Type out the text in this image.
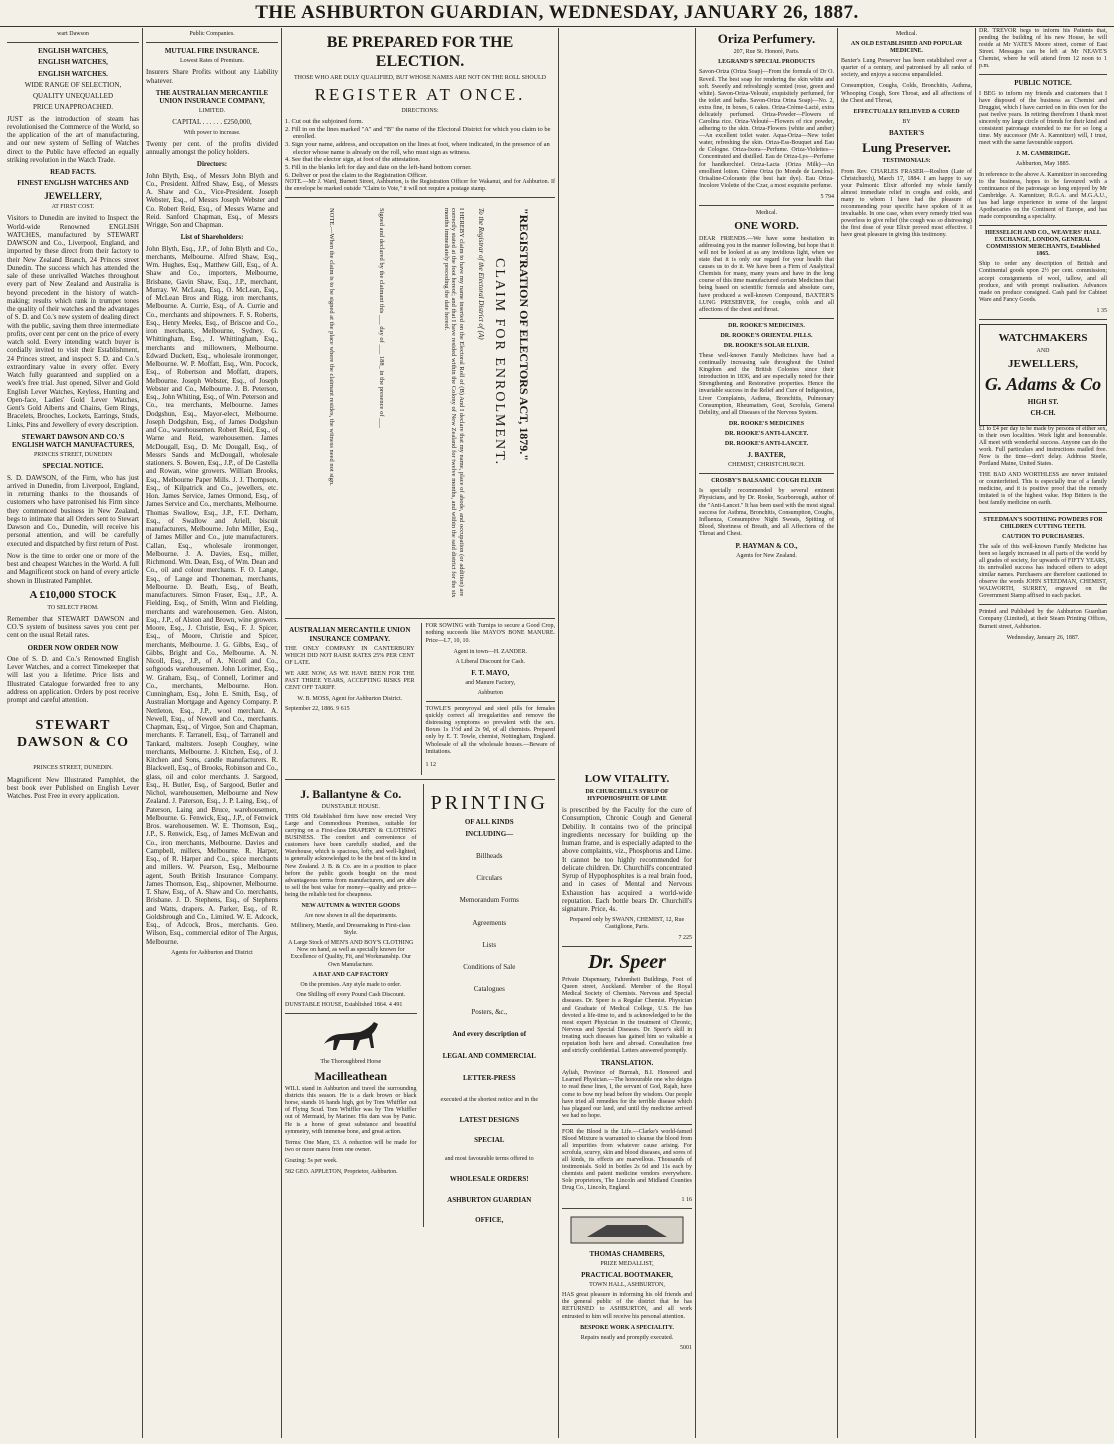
THE ASHBURTON GUARDIAN, WEDNESDAY, JANUARY 26, 1887.

wart Dawson

ENGLISH WATCHES,

ENGLISH WATCHES,

ENGLISH WATCHES.

WIDE RANGE OF SELECTION,

QUALITY UNEQUALLED

PRICE UNAPPROACHED.

JUST as the introduction of steam has revolutionised the Commerce of the World, so the application of the art of manufacturing, and our new system of Selling of Watches direct to the Public have effected an equally striking revolution in the Watch Trade.

READ FACTS.

FINEST ENGLISH WATCHES AND

JEWELLERY,

AT FIRST COST.

Visitors to Dunedin are invited to Inspect the World-wide Renowned ENGLISH WATCHES, manufactured by STEWART DAWSON and Co., Liverpool, England, and imported by these direct from their factory to their New Zealand Branch, 24 Princes street Dunedin. The success which has attended the sale of these unrivalled Watches throughout every part of New Zealand and Australia is beyond precedent in the history of watch-making; results which rank in trumpet tones the quality of their watches and the advantages of S. D. and Co.'s new system of dealing direct with the public, saving them three intermediate profits, over cent per cent on the price of every watch sold. Every intending watch buyer is cordially invited to visit their Establishment, 24 Princes street, and inspect S. D. and Co.'s extraordinary value in every offer. Every Watch fully guaranteed and supplied on a week's free trial. Just opened, Silver and Gold English Lever Watches, Keyless, Hunting and Open-face, Ladies' Gold Lever Watches, Gent's Gold Alberts and Chains, Gem Rings, Bracelets, Brooches, Lockets, Earrings, Studs, Links, Pins and Jewellery of every description.

STEWART DAWSON AND CO.'S ENGLISH WATCH MANUFACTURES,

PRINCES STREET, DUNEDIN

SPECIAL NOTICE.

S. D. DAWSON, of the Firm, who has just arrived in Dunedin, from Liverpool, England, in returning thanks to the thousands of customers who have patronised his Firm since they commenced business in New Zealand, begs to intimate that all Orders sent to Stewart Dawson and Co., Dunedin, will receive his personal attention, and will be carefully executed and dispatched by first return of Post.

Now is the time to order one or more of the best and cheapest Watches in the World. A full and Magnificent stock on hand of every article shown in Illustrated Pamphlet.

A £10,000 STOCK

TO SELECT FROM.

Remember that STEWART DAWSON and CO.'S system of business saves you cent per cent on the usual Retail rates.

ORDER NOW ORDER NOW

One of S. D. and Co.'s Renowned English Lever Watches, and a correct Timekeeper that will last you a lifetime. Price lists and Illustrated Catalogue forwarded free to any address on application. Orders by post receive prompt and careful attention.

STEWART DAWSON & CO

PRINCES STREET, DUNEDIN.

Magnificent New Illustrated Pamphlet, the best book ever Published on English Lever Watches. Post Free in every application.

Public Companies.

MUTUAL FIRE INSURANCE.

Lowest Rates of Premium.

Insurers Share Profits without any Liability whatever.

THE AUSTRALIAN MERCANTILE UNION INSURANCE COMPANY,

LIMITED.

CAPITAL . . . . . . £250,000,

With power to increase.

Twenty per cent. of the profits divided annually amongst the policy holders.

Directors:

John Blyth, Esq., of Messrs John Blyth and Co., President. Alfred Shaw, Esq., of Messrs A. Shaw and Co., Vice-President. Joseph Webster, Esq., of Messrs Joseph Webster and Co. Robert Reid, Esq., of Messrs Warne and Reid. Sanford Chapman, Esq., of Messrs Wrigge, Son and Chapman.

List of Shareholders:

John Blyth, Esq., J.P., of John Blyth and Co., merchants, Melbourne. Alfred Shaw, Esq., Wm. Hughes, Esq., Matthew Gill, Esq., of A. Shaw and Co., importers, Melbourne, Brisbane, Gavin Shaw, Esq., J.P., merchant, Murray. W. McLean, Esq., O. McLean, Esq., of McLean Bros and Rigg, iron merchants, Melbourne. A. Currie, Esq., of A. Currie and Co., merchants and shipowners. F. S. Roberts, Esq., Henry Meeks, Esq., of Briscoe and Co., iron merchants, Melbourne, Sydney. G. Whittingham, Esq., J. Whittingham, Esq., merchants and millowners, Melbourne. Edward Duckett, Esq., wholesale ironmonger, Melbourne. W. P. Moffatt, Esq., Wm. Pocock, Esq., of Robertson and Moffatt, drapers, Melbourne. Joseph Webster, Esq., of Joseph Webster and Co., Melbourne. J. B. Peterson, Esq., John Whiting, Esq., of Wm. Peterson and Co., tea merchants, Melbourne. James Dodgshun, Esq., Mayor-elect, Melbourne. Joseph Dodgshun, Esq., of James Dodgshun and Co., warehousemen. Robert Reid, Esq., of Warne and Reid, warehousemen. James McDougall, Esq., D. Mc Dougall, Esq., of Messrs Sands and McDougall, wholesale stationers. S. Bowen, Esq., J.P., of De Castella and Rowan, wine growers. William Brooks, Esq., Melbourne Paper Mills. J. J. Thompson, Esq., of Kilpatrick and Co., jewellers, etc. Hon. James Service, James Ormond, Esq., of James Service and Co., merchants, Melbourne. Thomas Swallow, Esq., J.P., F.T. Derham, Esq., of Swallow and Ariell, biscuit manufacturers, Melbourne. John Miller, Esq., of James Miller and Co., jute manufacturers. Callan, Esq., wholesale ironmonger, Melbourne. J. A. Davies, Esq., miller, Richmond. Wm. Dean, Esq., of Wm. Dean and Co., oil and colour merchants. F. O. Lange, Esq., of Lange and Thoneman, merchants, Melbourne. D. Beath, Esq., of Beath, manufacturers. Simon Fraser, Esq., J.P., A. Fielding, Esq., of Smith, Winn and Fielding, merchants and warehousemen. Geo. Alston, Esq., J.P., of Alston and Brown, wine growers. Moore, Esq., J. Christie, Esq., F. J. Spicer, Esq., of Moore, Christie and Spicer, merchants, Melbourne. J. G. Gibbs, Esq., of Gibbs, Bright and Co., Melbourne. A. N. Nicoll, Esq., J.P., of A. Nicoll and Co., softgoods warehousemen. John Lorimer, Esq., W. Graham, Esq., of Connell, Lorimer and Co., merchants, Melbourne. Hon. Cunningham, Esq., John E. Smith, Esq., of Australian Mortgage and Agency Company. P. Nettleton, Esq., J.P., wool merchant. A. Newell, Esq., of Newell and Co., merchants. Chapman, Esq., of Virgoe, Son and Chapman, merchants. F. Tarranell, Esq., of Tarranell and Tankard, maltsters. Joseph Coughey, wine merchants, Melbourne. J. Kitchen, Esq., of J. Kitchen and Sons, candle manufacturers. R. Blackwell, Esq., of Brooks, Robinson and Co., glass, oil and color merchants. J. Sargood, Esq., H. Butler, Esq., of Sargood, Butler and Nichol, warehousemen, Melbourne and New Zealand. J. Paterson, Esq., J. P. Laing, Esq., of Paterson, Laing and Bruce, warehousemen, Melbourne. G. Fenwick, Esq., J.P., of Fenwick Bros. warehousemen. W. E. Thomson, Esq., J.P., S. Renwick, Esq., of James McEwan and Co., iron merchants, Melbourne. Davies and Campbell, millers, Melbourne. R. Harper, Esq., of R. Harper and Co., spice merchants and millers. W. Pearson, Esq., Melbourne agent, South British Insurance Company. James Thomson, Esq., shipowner, Melbourne. T. Shaw, Esq., of A. Shaw and Co. merchants, Brisbane. J. D. Stephens, Esq., of Stephens and Watts, drapers. A. Parker, Esq., of R. Goldsbrough and Co., Limited. W. E. Adcock, Esq., of Adcock, Bros., merchants. Geo. Wilson, Esq., commercial editor of The Argus, Melbourne.

Agents for Ashburton and District

BE PREPARED FOR THE ELECTION.

THOSE WHO ARE DULY QUALIFIED, BUT WHOSE NAMES ARE NOT ON THE ROLL SHOULD

REGISTER AT ONCE.

DIRECTIONS:

1. Cut out the subjoined form.

2. Fill in on the lines marked "A" and "B" the name of the Electoral District for which you claim to be enrolled.

3. Sign your name, address, and occupation on the lines at foot, where indicated, in the presence of an elector whose name is already on the roll, who must sign as witness.

4. See that the elector sign, at foot of the attestation.

5. Fill in the blanks left for day and date on the left-hand bottom corner.

6. Deliver or post the claim to the Registration Officer.

NOTE.—Mr J. Ward, Burnett Street, Ashburton, is the Registration Officer for Wakanui, and for Ashburton. If the envelope be marked outside "Claim to Vote," it will not require a postage stamp.

"REGISTRATION OF ELECTORS ACT, 1879."
CLAIM FOR ENROLMENT.
To the Registrar of the Electoral District of (A)
I HEREBY claim to have my name inserted on the Electoral Roll of (B) And I declare that my name, place of abode, and occupation (or addition) are correctly stated at the foot hereof; and that I have resided within the Colony of New Zealand for twelve months, and within the said district for the six months immediately preceding the date hereof.
Signed and declared by the claimant this ___ day of ___ 188_ in the presence of ___
NOTE.—When the claim is to be signed at the place where the claimant resides, the witness need not sign.

AUSTRALIAN MERCANTILE UNION INSURANCE COMPANY.

THE ONLY COMPANY IN CANTERBURY WHICH DID NOT RAISE RATES 25% PER CENT OF LATE.

WE ARE NOW, AS WE HAVE BEEN FOR THE PAST THREE YEARS, ACCEPTING RISKS PER CENT OFF TARIFF.

W. B. MOSS, Agent for Ashburton District.

September 22, 1886. 9 615

FOR SOWING with Turnips to secure a Good Crop, nothing succeeds like MAYO'S BONE MANURE. Price—L7, 10, 10.

Agent in town—H. ZANDER.

A Liberal Discount for Cash.

F. T. MAYO,

and Manure Factory,

Ashburton

TOWLE'S pennyroyal and steel pills for females quickly correct all irregularities and remove the distressing symptoms so prevalent with the sex. Boxes 1s 1½d and 2s 9d, of all chemists. Prepared only by E. T. Towle, chemist, Nottingham, England. Wholesale of all the wholesale houses.—Beware of Imitations.

1 12

J. Ballantyne & Co.

DUNSTABLE HOUSE.

THIS Old Established firm have now erected Very Large and Commodious Premises, suitable for carrying on a First-class DRAPERY & CLOTHING BUSINESS. The comfort and convenience of customers have been carefully studied, and the Warehouse, which is spacious, lofty, and well-lighted, is generally acknowledged to be the best of its kind in New Zealand. J. B. & Co. are in a position to place before the public goods bought on the most advantageous terms from manufacturers, and are able to sell the best value for money—quality and price—being the reliable test for cheapness.

NEW AUTUMN & WINTER GOODS

Are now shown in all the departments.

Millinery, Mantle, and Dressmaking in First-class Style.

A Large Stock of MEN'S AND BOY'S CLOTHING Now on hand, as well as specially known for Excellence of Quality, Fit, and Workmanship. Our Own Manufacture.

A HAT AND CAP FACTORY

On the premises. Any style made to order.

One Shilling off every Pound Cash Discount.

DUNSTABLE HOUSE, Established 1864. 4 491

The Thoroughbred Horse

Macilleathean

WILL stand in Ashburton and travel the surrounding districts this season. He is a dark brown or black horse, stands 16 hands high, got by Tom Whiffler out of Flying Scud. Tom Whiffler was by Tim Whiffler out of Mermaid, by Mariner. His dam was by Panic. He is a horse of great substance and beautiful symmetry, with immense bone, and great action.

Terms: One Mare, £3. A reduction will be made for two or more mares from one owner.

Grazing: 5s per week.

582 GEO. APPLETON, Proprietor, Ashburton.

PRINTING

OF ALL KINDS

INCLUDING—

Billheads

Circulars

Memorandum Forms

Agreements

Lists

Conditions of Sale

Catalogues

Posters, &c.,

And every description of

LEGAL AND COMMERCIAL

LETTER-PRESS

executed at the shortest notice and in the

LATEST DESIGNS

SPECIAL

and most favourable terms offered to

WHOLESALE ORDERS!

ASHBURTON GUARDIAN

OFFICE,

LOW VITALITY.

DR CHURCHILL'S SYRUP OF HYPOPHOSPHITE OF LIME

is prescribed by the Faculty for the cure of Consumption, Chronic Cough and General Debility. It contains two of the principal ingredients necessary for building up the human frame, and is especially adapted to the above complaints, viz., Phosphorus and Lime. It cannot be too highly recommended for delicate children. Dr. Churchill's concentrated Syrup of Hypophosphites is a real brain food, and in cases of Mental and Nervous Exhaustion has acquired a world-wide reputation. Each bottle bears Dr. Churchill's signature. Price, 4s.

Prepared only by SWANN, CHEMIST, 12, Rue Castiglione, Paris.

7 225

Dr. Speer

Private Dispensary, Fahrenheit Buildings, Foot of Queen street, Auckland. Member of the Royal Medical Society of Chemists. Nervous and Special diseases. Dr. Speer is a Regular Chemist. Physician and Graduate of Medical College, U.S. He has devoted a life-time to, and is acknowledged to be the most expert Physician in the treatment of Chronic, Nervous and Special Diseases. Dr. Speer's skill in treating such diseases has gained him so valuable a reputation both here and abroad. Consultation free and strictly confidential. Letters answered promptly.

TRANSLATION.

Ayliah, Province of Burmah, B.I. Honored and Learned Physician.—The honourable one who deigns to read these lines, I, the servant of God, Rajah, have come to bow my head before thy wisdom. Our people have tried all remedies for the terrible disease which has plagued our land, and until thy medicine arrived we had no hope.

FOR the Blood is the Life.—Clarke's world-famed Blood Mixture is warranted to cleanse the blood from all impurities from whatever cause arising. For scrofula, scurvy, skin and blood diseases, and sores of all kinds, its effects are marvellous. Thousands of testimonials. Sold in bottles 2s 6d and 11s each by chemists and patent medicine vendors everywhere. Sole proprietors, The Lincoln and Midland Counties Drug Co., Lincoln, England.

1 16

THOMAS CHAMBERS,

PRIZE MEDALLIST,

PRACTICAL BOOTMAKER,

TOWN HALL, ASHBURTON,

HAS great pleasure in informing his old friends and the general public of the district that he has RETURNED to ASHBURTON, and all work entrusted to him will receive his personal attention.

BESPOKE WORK A SPECIALITY.

Repairs neatly and promptly executed.

5001

Oriza Perfumery.

207, Rue St. Honoré, Paris.

LEGRAND'S SPECIAL PRODUCTS

Savon-Oriza (Oriza Soap)—From the formula of Dr O. Reveil. The best soap for rendering the skin white and soft. Sweetly and refreshingly scented (rose, green and white). Savon-Oriza-Velouté, exquisitely perfumed, for the toilet and baths. Savon-Oriza Orina Soap)—No. 2, extra fine, in boxes, 6 cakes. Oriza-Crème-Lacté, extra delicately perfumed. Oriza-Powder—Flowers of Carolina rice. Oriza-Velouté—Flowers of rice powder, adhering to the skin. Oriza-Flowers (white and amber)—An excellent toilet water. Aqua-Oriza—New toilet water, refreshing the skin. Oriza-Ess-Bouquet and Eau de Cologne. Oriza-Ixora—Perfume. Oriza-Violettes—Concentrated and distilled. Eau de Oriza-Lys—Perfume for handkerchief. Oriza-Lacta (Oriza Milk)—An emollient lotion. Crème Oriza (to Monde de Lenclos). Orisaline-Colorante (the best hair dye). Eau Oriza-Incolore Violette of the Czar, a most exquisite perfume.

5 794

Medical.

ONE WORD.

DEAR FRIENDS.—We have some hesitation in addressing you in the manner following, but hope that it will not be looked at as any invidious light, when we state that it is only our regard for your health that causes us to do it. We have been a Firm of Analytical Chemists for many, many years and have in the long course of this time manufactured certain Medicines that being based on scientific formula and absolute care, have produced a well-known Compound, BAXTER'S LUNG PRESERVER, for coughs, colds and all affections of the chest and throat.

DR. ROOKE'S MEDICINES.

DR. ROOKE'S ORIENTAL PILLS.

DR. ROOKE'S SOLAR ELIXIR.

These well-known Family Medicines have had a continually increasing sale throughout the United Kingdom and the British Colonies since their introduction in 1836, and are especially noted for their Strengthening and Restorative properties. Hence the invariable success in the Relief and Cure of Indigestion, Liver Complaints, Asthma, Bronchitis, Pulmonary Consumption, Rheumatism, Gout, Scrofula, General Debility, and all Diseases of the Nervous System.

DR. ROOKE'S MEDICINES

DR. ROOKE'S ANTI-LANCET.

DR. ROOKE'S ANTI-LANCET.

J. BAXTER,

CHEMIST, CHRISTCHURCH.

CROSBY'S BALSAMIC COUGH ELIXIR

Is specially recommended by several eminent Physicians, and by Dr. Rooke, Scarborough, author of the "Anti-Lancet." It has been used with the most signal success for Asthma, Bronchitis, Consumption, Coughs, Influenza, Consumptive Night Sweats, Spitting of Blood, Shortness of Breath, and all Affections of the Throat and Chest.

P. HAYMAN & CO.,

Agents for New Zealand.

Medical.

AN OLD ESTABLISHED AND POPULAR MEDICINE.

Baxter's Lung Preserver has been established over a quarter of a century, and patronised by all ranks of society, and enjoys a success unparalleled.

Consumption, Coughs, Colds, Bronchitis, Asthma, Whooping Cough, Sore Throat, and all affections of the Chest and Throat,

EFFECTUALLY RELIEVED & CURED

BY

BAXTER'S

Lung Preserver.

TESTIMONIALS:

From Rev. CHARLES FRASER—Roslton (Late of Christchurch), March 17, 1884. I am happy to say your Pulmonic Elixir afforded my whole family almost immediate relief in coughs and colds, and many to whom I have had the pleasure of recommending your specific have spoken of it as invaluable. In one case, when every remedy tried was powerless to give relief (the cough was so distressing) the first dose of your Elixir proved most effective. I have great pleasure in giving this testimony.

DR. TREVOR begs to inform his Patients that, pending the building of his new House, he will reside at Mr YATE'S Moore street, corner of East Street. Messages can be left at Mr NEAVE'S Chemist, where he will attend from 12 noon to 1 p.m.

PUBLIC NOTICE.

I BEG to inform my friends and customers that I have disposed of the business as Chemist and Druggist, which I have carried on in this own for the past twelve years. In retiring therefrom I thank most sincerely my large circle of friends for their kind and consistent patronage extended to me for so long a time. My successor (Mr A. Kamnitzer) will, I trust, meet with the same favourable support.

J. M. CAMBRIDGE.

Ashburton, May 1885.

In reference to the above A. Kamnitzer in succeeding to the business, hopes to be favoured with a continuance of the patronage so long enjoyed by Mr Cambridge. A. Kamnitzer, R.G.A. and M.G.A.U., has had large experience in some of the largest Apothecaries on the Continent of Europe, and has made compounding a speciality.

HIESSELICH AND CO., WEAVERS' HALL EXCHANGE, LONDON, GENERAL COMMISSION MERCHANTS, Established 1865.

Ship to order any description of British and Continental goods upon 2½ per cent. commission; accept consignments of wool, tallow, and all produce, and with prompt realisation. Advances made on produce consigned. Cash paid for Cabinet Ware and Fancy Goods.

1 35

WATCHMAKERS

AND

JEWELLERS,

G. Adams & Co

HIGH ST.

CH-CH.

£1 to £4 per day to be made by persons of either sex, in their own localities. Work light and honourable. All meet with wonderful success. Anyone can do the work. Full particulars and instructions mailed free. Now is the time—don't delay. Address Steele, Portland Maine, United States.

THE BAD AND WORTHLESS are never imitated or counterfeited. This is especially true of a family medicine, and it is positive proof that the remedy imitated is of the highest value. Hop Bitters is the best family medicine on earth.

STEEDMAN'S SOOTHING POWDERS FOR CHILDREN CUTTING TEETH.

CAUTION TO PURCHASERS.

The sale of this well-known Family Medicine has been so largely increased in all parts of the world by all grades of society, for upwards of FIFTY YEARS, its unrivalled success has induced others to adopt similar names. Purchasers are therefore cautioned to observe the words JOHN STEEDMAN, CHEMIST, WALWORTH, SURREY, engraved on the Government Stamp affixed to each packet.

Printed and Published by the Ashburton Guardian Company (Limited), at their Steam Printing Offices, Burnett street, Ashburton.

Wednesday, January 26, 1887.
